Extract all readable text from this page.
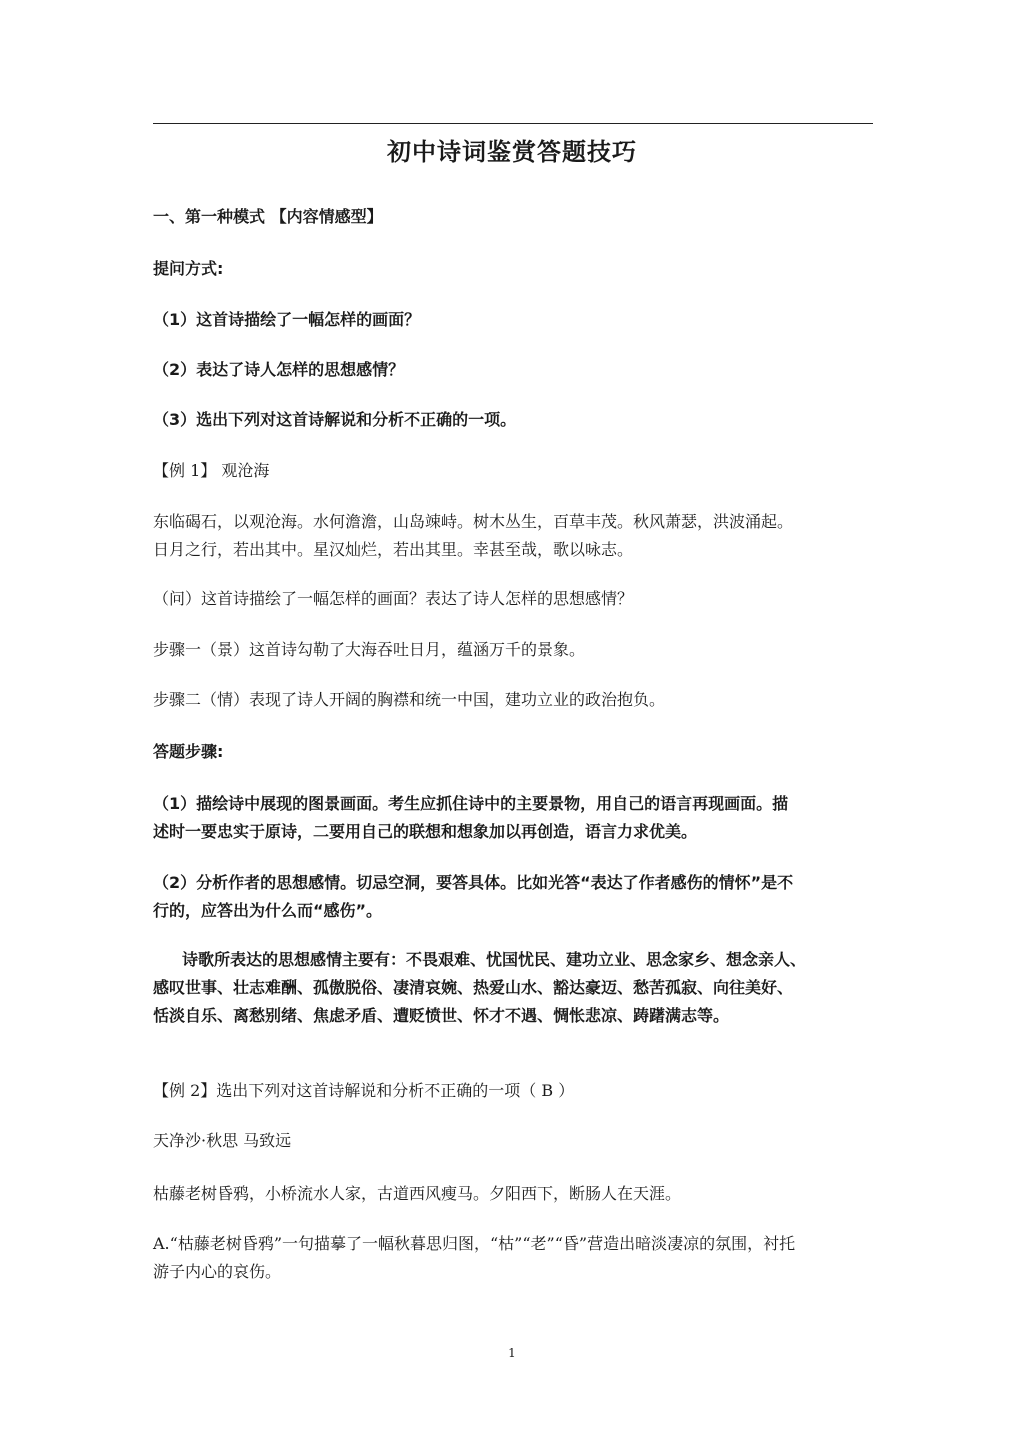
初中诗词鉴赏答题技巧
一、第一种模式 【内容情感型】
提问方式:
（1）这首诗描绘了一幅怎样的画面？
（2）表达了诗人怎样的思想感情？
（3）选出下列对这首诗解说和分析不正确的一项。
【例 1】 观沧海
东临碣石，以观沧海。水何澹澹，山岛竦峙。树木丛生，百草丰茂。秋风萧瑟，洪波涌起。
日月之行，若出其中。星汉灿烂，若出其里。幸甚至哉，歌以咏志。
（问）这首诗描绘了一幅怎样的画面？表达了诗人怎样的思想感情？
步骤一（景）这首诗勾勒了大海吞吐日月，蕴涵万千的景象。
步骤二（情）表现了诗人开阔的胸襟和统一中国，建功立业的政治抱负。
答题步骤:
（1）描绘诗中展现的图景画面。考生应抓住诗中的主要景物，用自己的语言再现画面。描
述时一要忠实于原诗，二要用自己的联想和想象加以再创造，语言力求优美。
（2）分析作者的思想感情。切忌空洞，要答具体。比如光答“表达了作者感伤的情怀”是不
行的，应答出为什么而“感伤”。
诗歌所表达的思想感情主要有：不畏艰难、忧国忧民、建功立业、思念家乡、想念亲人、
感叹世事、壮志难酬、孤傲脱俗、凄清哀婉、热爱山水、豁达豪迈、愁苦孤寂、向往美好、
恬淡自乐、离愁别绪、焦虑矛盾、遭贬愤世、怀才不遇、惆怅悲凉、踌躇满志等。
【例 2】选出下列对这首诗解说和分析不正确的一项（ B ）
天净沙·秋思 马致远
枯藤老树昏鸦，小桥流水人家，古道西风瘦马。夕阳西下，断肠人在天涯。
A.“枯藤老树昏鸦”一句描摹了一幅秋暮思归图，“枯”“老”“昏”营造出暗淡凄凉的氛围，衬托
游子内心的哀伤。
1
